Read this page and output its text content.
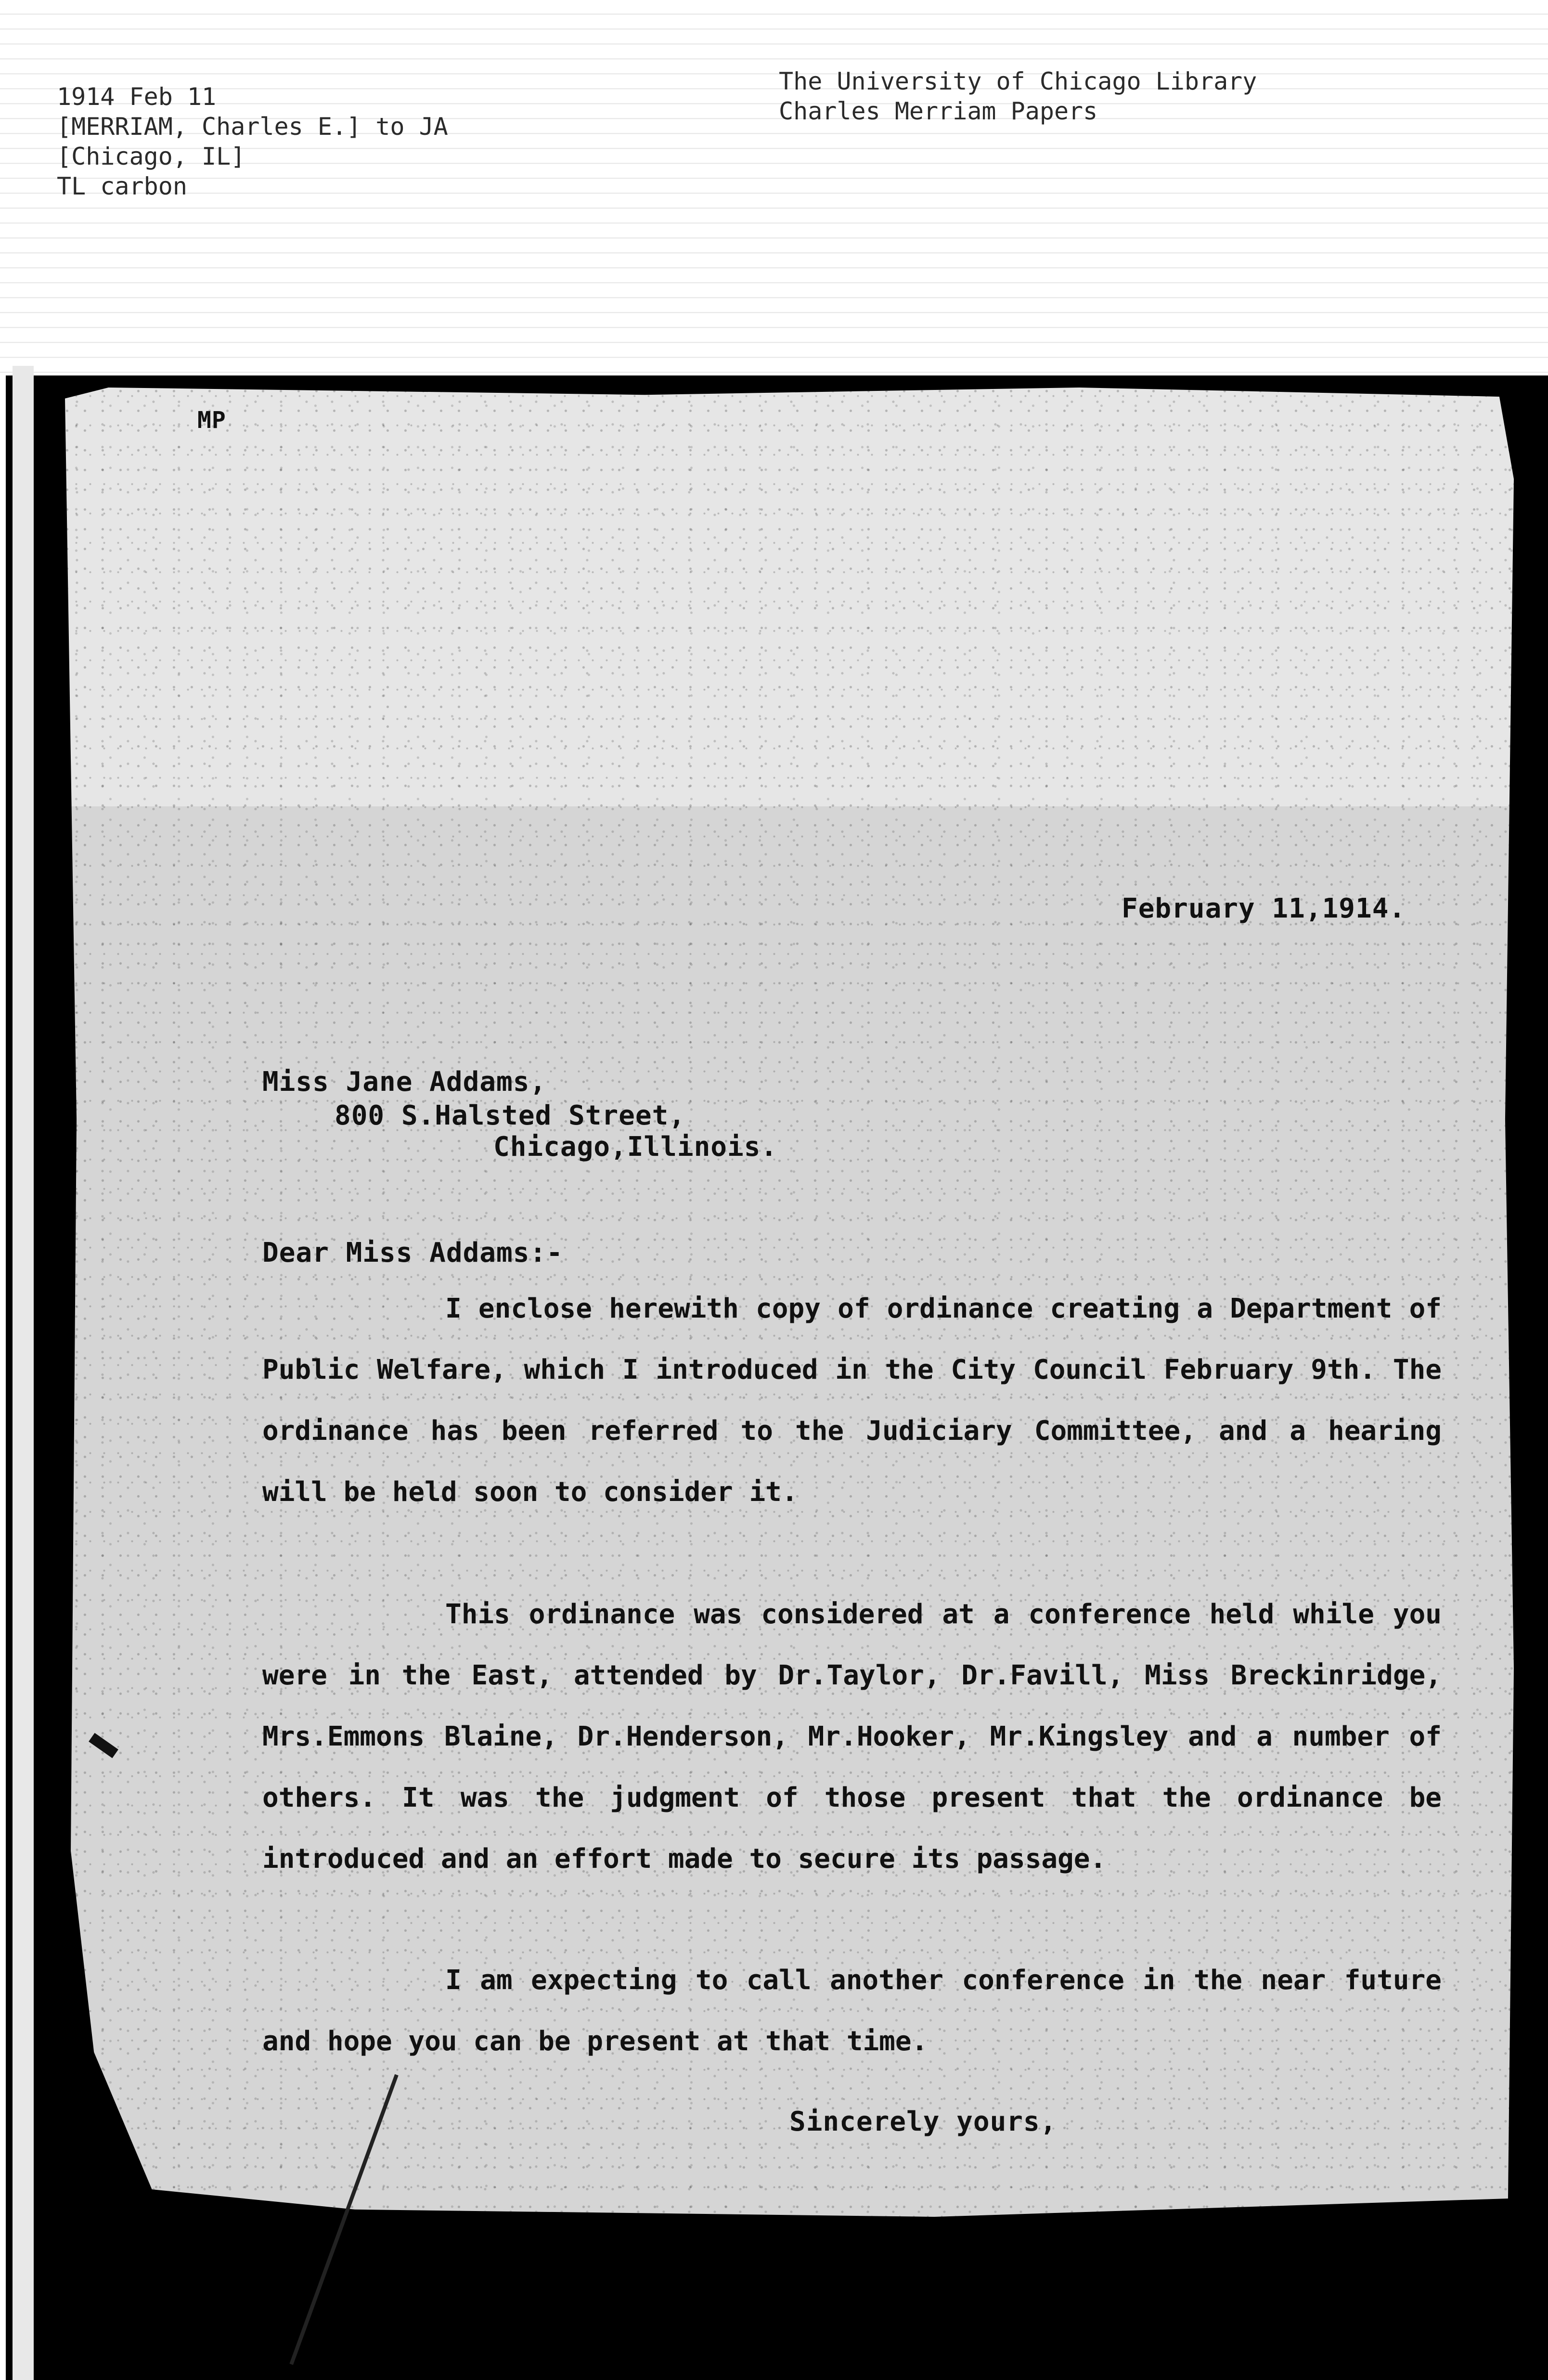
1914 Feb 11
[MERRIAM, Charles E.] to JA
[Chicago, IL]
TL carbon
The University of Chicago Library
Charles Merriam Papers
MP
February 11,1914.
Miss Jane Addams,
800 S.Halsted Street,
Chicago,Illinois.
Dear Miss Addams:-

I enclose herewith copy of ordinance creating a Department of Public Welfare, which I introduced in the City Council February 9th. The ordinance has been referred to the Judiciary Committee, and a hearing will be held soon to consider it.

This ordinance was considered at a conference held while you were in the East, attended by Dr.Taylor, Dr.Favill, Miss Breckinridge, Mrs.Emmons Blaine, Dr.Henderson, Mr.Hooker, Mr.Kingsley and a number of others. It was the judgment of those present that the ordinance be introduced and an effort made to secure its passage.

I am expecting to call another conference in the near future and hope you can be present at that time.

Sincerely yours,
